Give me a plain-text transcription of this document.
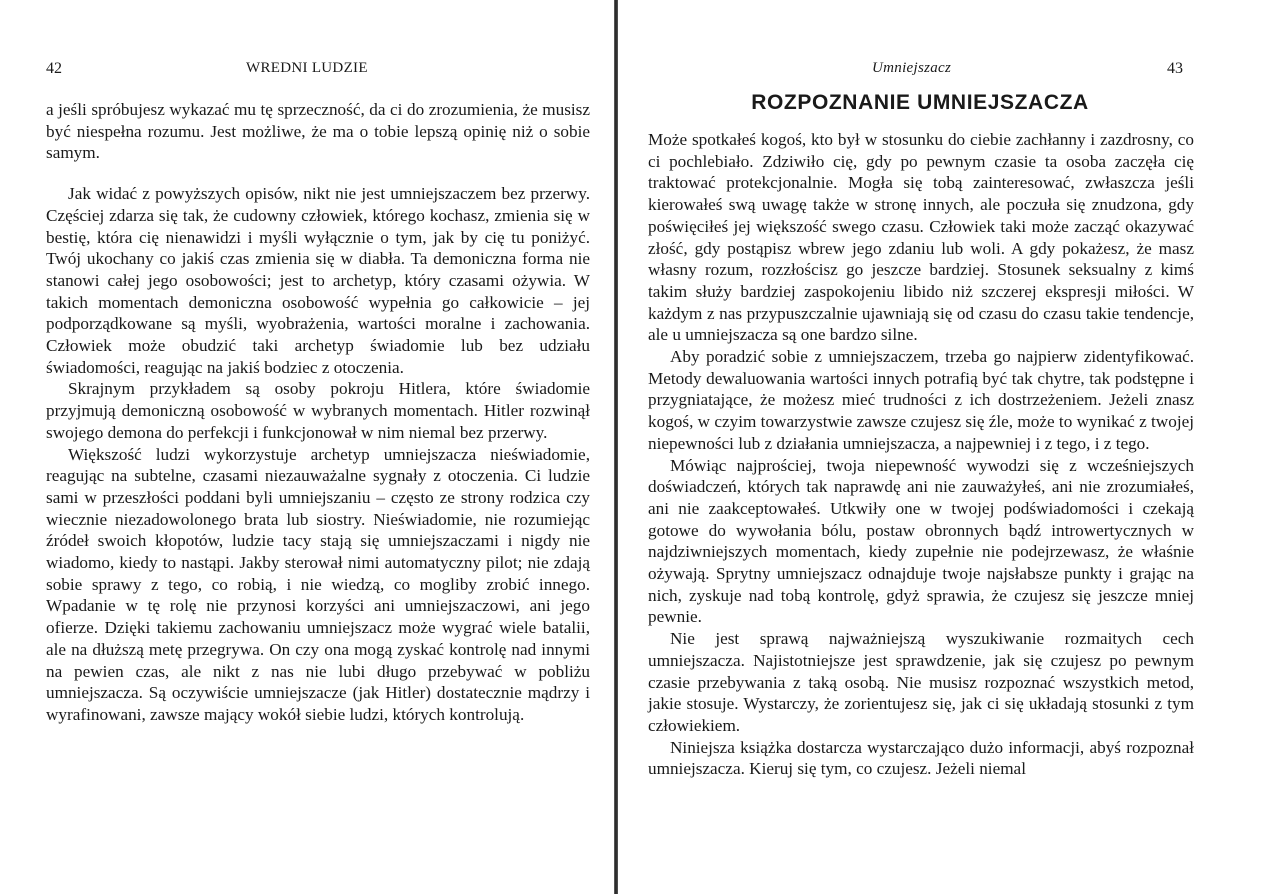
42	WREDNI LUDZIE

a jeśli spróbujesz wykazać mu tę sprzeczność, da ci do zrozumienia, że musisz być niespełna rozumu. Jest możliwe, że ma o tobie lepszą opinię niż o sobie samym.

Jak widać z powyższych opisów, nikt nie jest umniejszaczem bez przerwy. Częściej zdarza się tak, że cudowny człowiek, którego kochasz, zmienia się w bestię, która cię nienawidzi i myśli wyłącznie o tym, jak by cię tu poniżyć. Twój ukochany co jakiś czas zmienia się w diabła. Ta demoniczna forma nie stanowi całej jego osobowości; jest to archetyp, który czasami ożywia. W takich momentach demoniczna osobowość wypełnia go całkowicie – jej podporządkowane są myśli, wyobrażenia, wartości moralne i zachowania. Człowiek może obudzić taki archetyp świadomie lub bez udziału świadomości, reagując na jakiś bodziec z otoczenia.

Skrajnym przykładem są osoby pokroju Hitlera, które świadomie przyjmują demoniczną osobowość w wybranych momentach. Hitler rozwinął swojego demona do perfekcji i funkcjonował w nim niemal bez przerwy.

Większość ludzi wykorzystuje archetyp umniejszacza nieświadomie, reagując na subtelne, czasami niezauważalne sygnały z otoczenia. Ci ludzie sami w przeszłości poddani byli umniejszaniu – często ze strony rodzica czy wiecznie niezadowolonego brata lub siostry. Nieświadomie, nie rozumiejąc źródeł swoich kłopotów, ludzie tacy stają się umniejszaczami i nigdy nie wiadomo, kiedy to nastąpi. Jakby sterował nimi automatyczny pilot; nie zdają sobie sprawy z tego, co robią, i nie wiedzą, co mogliby zrobić innego. Wpadanie w tę rolę nie przynosi korzyści ani umniejszaczowi, ani jego ofierze. Dzięki takiemu zachowaniu umniejszacz może wygrać wiele batalii, ale na dłuższą metę przegrywa. On czy ona mogą zyskać kontrolę nad innymi na pewien czas, ale nikt z nas nie lubi długo przebywać w pobliżu umniejszacza. Są oczywiście umniejszacze (jak Hitler) dostatecznie mądrzy i wyrafinowani, zawsze mający wokół siebie ludzi, których kontrolują.

Umniejszacz	43
ROZPOZNANIE UMNIEJSZACZA

Może spotkałeś kogoś, kto był w stosunku do ciebie zachłanny i zazdrosny, co ci pochlebiało. Zdziwiło cię, gdy po pewnym czasie ta osoba zaczęła cię traktować protekcjonalnie. Mogła się tobą zainteresować, zwłaszcza jeśli kierowałeś swą uwagę także w stronę innych, ale poczuła się znudzona, gdy poświęciłeś jej większość swego czasu. Człowiek taki może zacząć okazywać złość, gdy postąpisz wbrew jego zdaniu lub woli. A gdy pokażesz, że masz własny rozum, rozzłościsz go jeszcze bardziej. Stosunek seksualny z kimś takim służy bardziej zaspokojeniu libido niż szczerej ekspresji miłości. W każdym z nas przypuszczalnie ujawniają się od czasu do czasu takie tendencje, ale u umniejszacza są one bardzo silne.

Aby poradzić sobie z umniejszaczem, trzeba go najpierw zidentyfikować. Metody dewaluowania wartości innych potrafią być tak chytre, tak podstępne i przygniatające, że możesz mieć trudności z ich dostrzeżeniem. Jeżeli znasz kogoś, w czyim towarzystwie zawsze czujesz się źle, może to wynikać z twojej niepewności lub z działania umniejszacza, a najpewniej i z tego, i z tego.

Mówiąc najprościej, twoja niepewność wywodzi się z wcześniejszych doświadczeń, których tak naprawdę ani nie zauważyłeś, ani nie zrozumiałeś, ani nie zaakceptowałeś. Utkwiły one w twojej podświadomości i czekają gotowe do wywołania bólu, postaw obronnych bądź introwertycznych w najdziwniejszych momentach, kiedy zupełnie nie podejrzewasz, że właśnie ożywają. Sprytny umniejszacz odnajduje twoje najsłabsze punkty i grając na nich, zyskuje nad tobą kontrolę, gdyż sprawia, że czujesz się jeszcze mniej pewnie.

Nie jest sprawą najważniejszą wyszukiwanie rozmaitych cech umniejszacza. Najistotniejsze jest sprawdzenie, jak się czujesz po pewnym czasie przebywania z taką osobą. Nie musisz rozpoznać wszystkich metod, jakie stosuje. Wystarczy, że zorientujesz się, jak ci się układają stosunki z tym człowiekiem.

Niniejsza książka dostarcza wystarczająco dużo informacji, abyś rozpoznał umniejszacza. Kieruj się tym, co czujesz. Jeżeli niemal
